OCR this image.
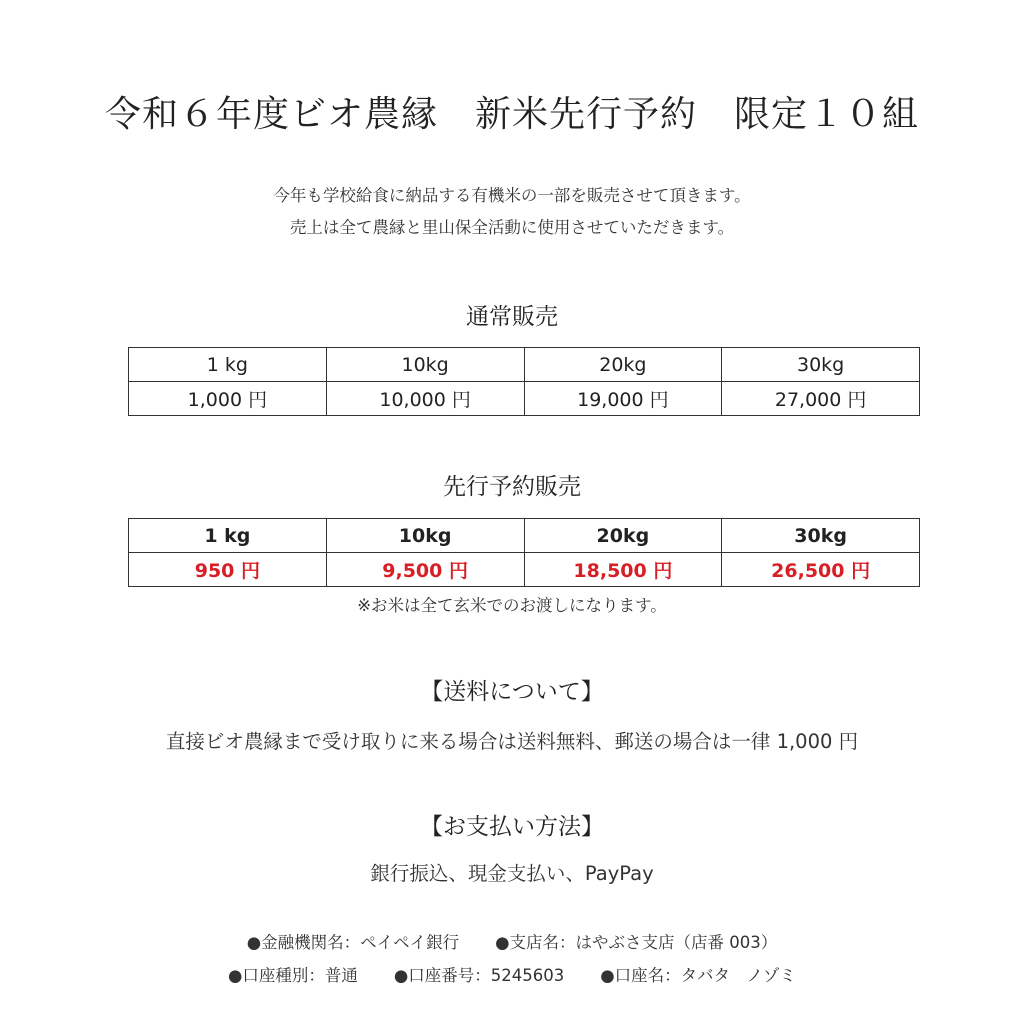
令和６年度ビオ農縁　新米先行予約　限定１０組
今年も学校給食に納品する有機米の一部を販売させて頂きます。
売上は全て農縁と里山保全活動に使用させていただきます。
通常販売
1 kg	10kg	20kg	30kg
1,000 円	10,000 円	19,000 円	27,000 円
先行予約販売
1 kg	10kg	20kg	30kg
950 円	9,500 円	18,500 円	26,500 円
※お米は全て玄米でのお渡しになります。
【送料について】
直接ビオ農縁まで受け取りに来る場合は送料無料、郵送の場合は一律 1,000 円
【お支払い方法】
銀行振込、現金支払い、PayPay
●金融機関名：ペイペイ銀行 ●支店名：はやぶさ支店（店番 003）
●口座種別：普通 ●口座番号：5245603 ●口座名：タバタ　ノゾミ
